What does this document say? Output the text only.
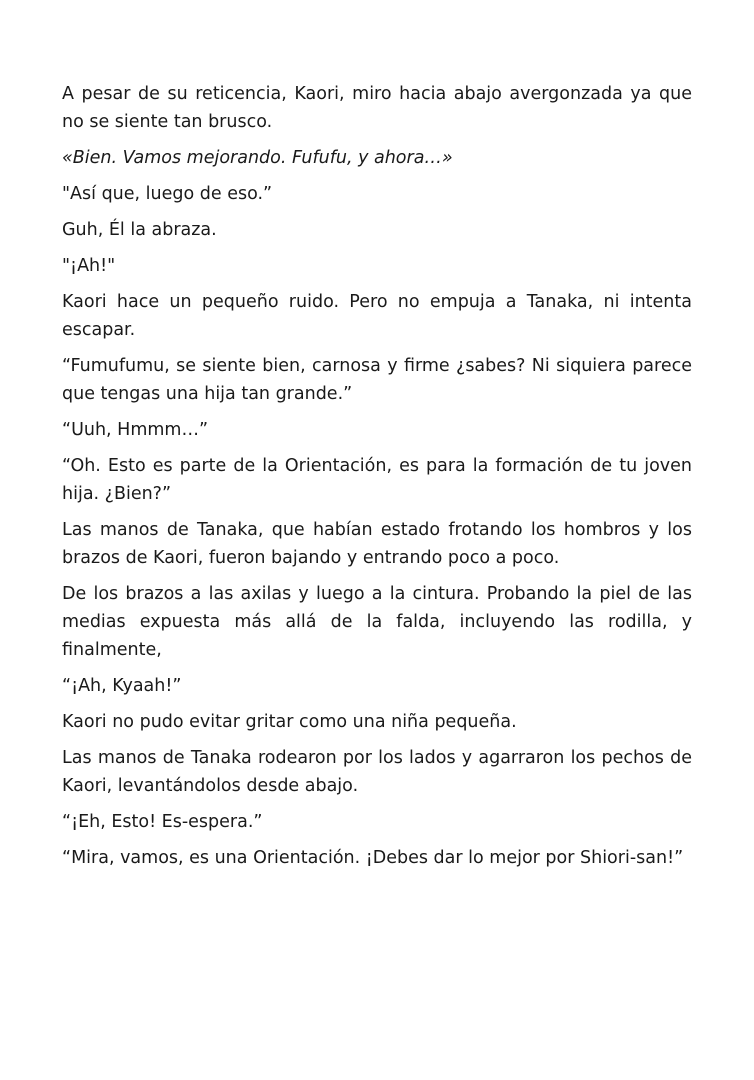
A pesar de su reticencia, Kaori, miro hacia abajo avergonzada ya que no se siente tan brusco.

«Bien. Vamos mejorando. Fufufu, y ahora…»

"Así que, luego de eso.”

Guh, Él la abraza.

"¡Ah!"

Kaori hace un pequeño ruido. Pero no empuja a Tanaka, ni intenta escapar.

“Fumufumu, se siente bien, carnosa y firme ¿sabes? Ni siquiera parece que tengas una hija tan grande.”

“Uuh, Hmmm…”

“Oh. Esto es parte de la Orientación, es para la formación de tu joven hija. ¿Bien?”

Las manos de Tanaka, que habían estado frotando los hombros y los brazos de Kaori, fueron bajando y entrando poco a poco.

De los brazos a las axilas y luego a la cintura. Probando la piel de las medias expuesta más allá de la falda, incluyendo las rodilla, y finalmente,

“¡Ah, Kyaah!”

Kaori no pudo evitar gritar como una niña pequeña.

Las manos de Tanaka rodearon por los lados y agarraron los pechos de Kaori, levantándolos desde abajo.

“¡Eh, Esto! Es-espera.”

“Mira, vamos, es una Orientación. ¡Debes dar lo mejor por Shiori-san!”
